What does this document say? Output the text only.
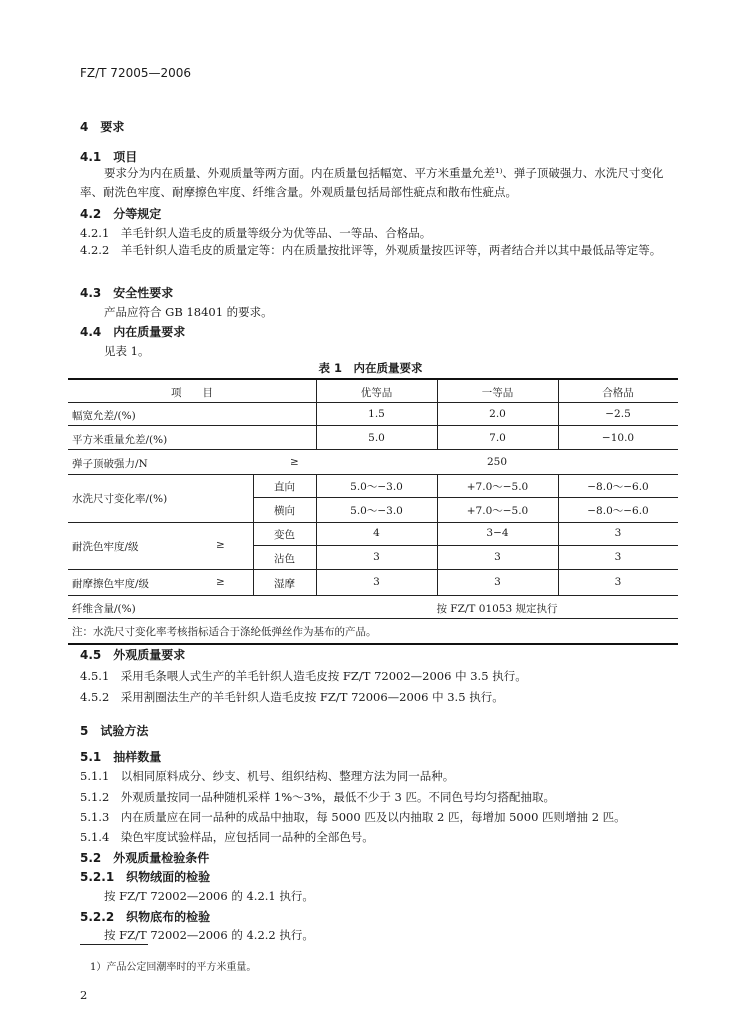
FZ/T 72005—2006
4　要求
4.1　项目
要求分为内在质量、外观质量等两方面。内在质量包括幅宽、平方米重量允差¹⁾、弹子顶破强力、水洗尺寸变化率、耐洗色牢度、耐摩擦色牢度、纤维含量。外观质量包括局部性疵点和散布性疵点。
4.2　分等规定
4.2.1　羊毛针织人造毛皮的质量等级分为优等品、一等品、合格品。
4.2.2　羊毛针织人造毛皮的质量定等：内在质量按批评等，外观质量按匹评等，两者结合并以其中最低品等定等。
4.3　安全性要求
产品应符合 GB 18401 的要求。
4.4　内在质量要求
见表 1。
表 1　内在质量要求
项　　目	优等品	一等品	合格品
幅宽允差/(%)	1.5	2.0	−2.5
平方米重量允差/(%)	5.0	7.0	−10.0
弹子顶破强力/N	≥	250
水洗尺寸变化率/(%)
直向	5.0～−3.0	+7.0～−5.0	−8.0～−6.0
横向	5.0～−3.0	+7.0～−5.0	−8.0～−6.0
耐洗色牢度/级	≥
变色	4	3−4	3
沾色	3	3	3
耐摩擦色牢度/级	≥	湿摩	3	3	3
纤维含量/(%)	按 FZ/T 01053 规定执行
注：水洗尺寸变化率考核指标适合于涤纶低弹丝作为基布的产品。
4.5　外观质量要求
4.5.1　采用毛条喂人式生产的羊毛针织人造毛皮按 FZ/T 72002—2006 中 3.5 执行。
4.5.2　采用割圈法生产的羊毛针织人造毛皮按 FZ/T 72006—2006 中 3.5 执行。
5　试验方法
5.1　抽样数量
5.1.1　以相同原料成分、纱支、机号、组织结构、整理方法为同一品种。
5.1.2　外观质量按同一品种随机采样 1%～3%，最低不少于 3 匹。不同色号均匀搭配抽取。
5.1.3　内在质量应在同一品种的成品中抽取，每 5000 匹及以内抽取 2 匹，每增加 5000 匹则增抽 2 匹。
5.1.4　染色牢度试验样品，应包括同一品种的全部色号。
5.2　外观质量检验条件
5.2.1　织物绒面的检验
按 FZ/T 72002—2006 的 4.2.1 执行。
5.2.2　织物底布的检验
按 FZ/T 72002—2006 的 4.2.2 执行。
1）产品公定回潮率时的平方米重量。
2
